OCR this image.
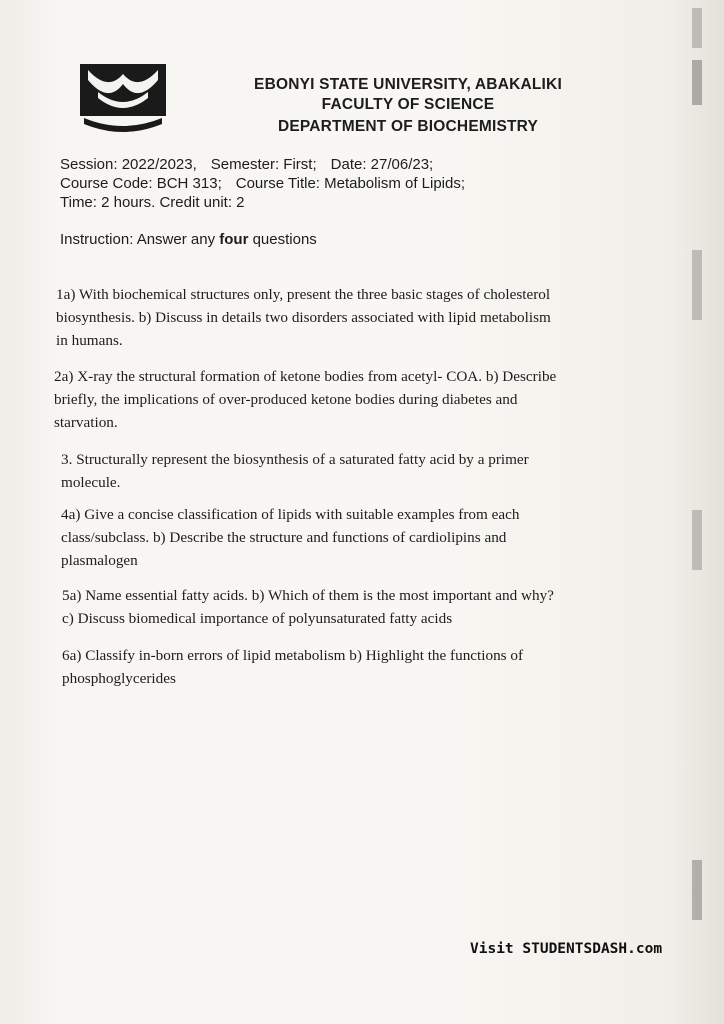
EBONYI STATE UNIVERSITY, ABAKALIKI
FACULTY OF SCIENCE
DEPARTMENT OF BIOCHEMISTRY
Session: 2022/2023, Semester: First; Date: 27/06/23;
Course Code: BCH 313; Course Title: Metabolism of Lipids;
Time: 2 hours. Credit unit: 2
Instruction: Answer any four questions
1a) With biochemical structures only, present the three basic stages of cholesterol
biosynthesis. b) Discuss in details two disorders associated with lipid metabolism
in humans.
2a) X-ray the structural formation of ketone bodies from acetyl- COA. b) Describe
briefly, the implications of over-produced ketone bodies during diabetes and
starvation.
3. Structurally represent the biosynthesis of a saturated fatty acid by a primer
molecule.
4a) Give a concise classification of lipids with suitable examples from each
class/subclass. b) Describe the structure and functions of cardiolipins and
plasmalogen
5a) Name essential fatty acids. b) Which of them is the most important and why?
c) Discuss biomedical importance of polyunsaturated fatty acids
6a) Classify in-born errors of lipid metabolism b) Highlight the functions of
phosphoglycerides
Visit STUDENTSDASH.com
